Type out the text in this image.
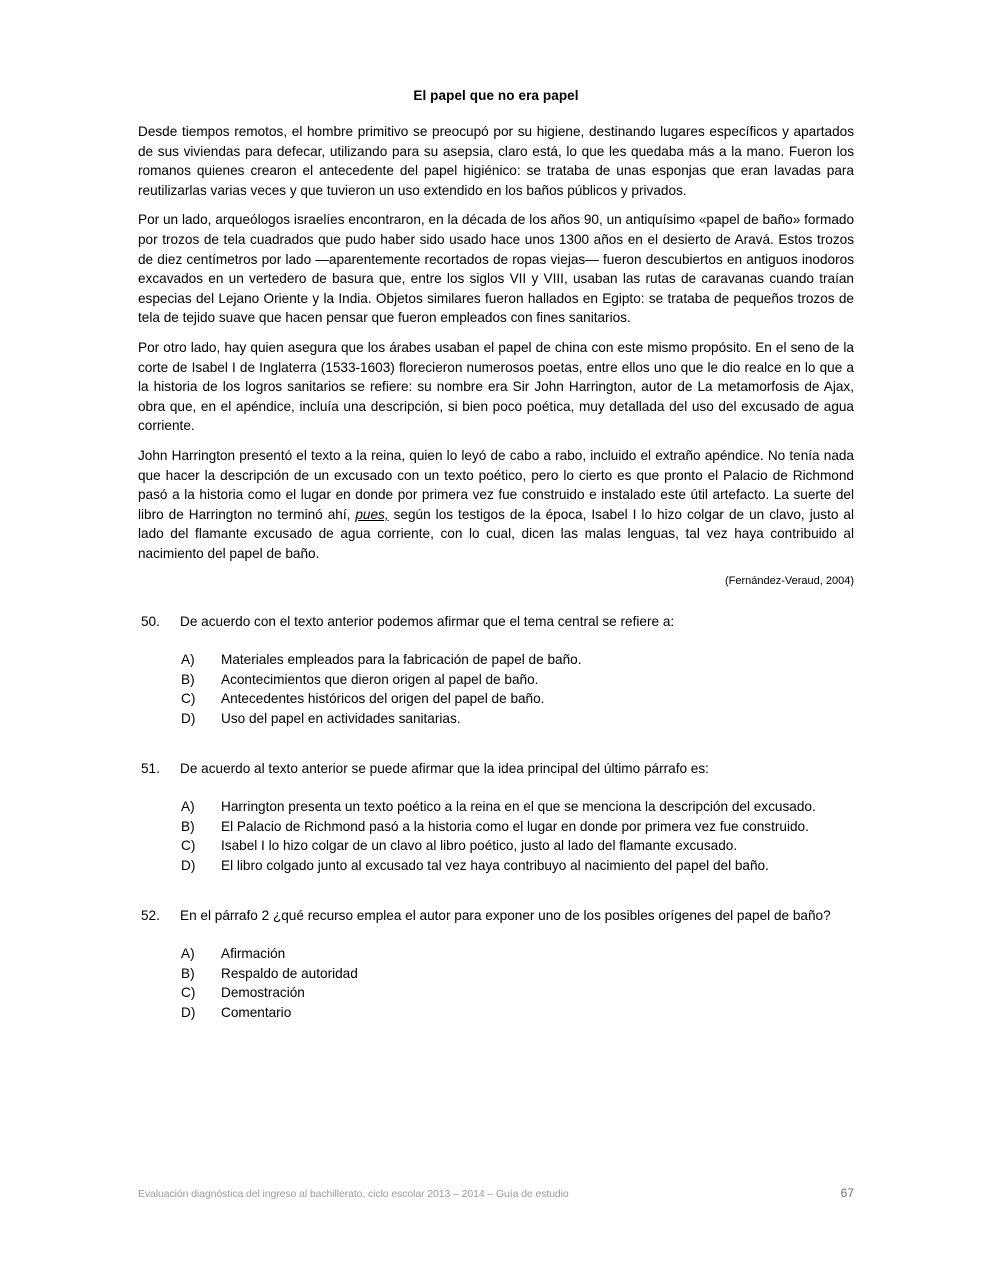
El papel que no era papel

Desde tiempos remotos, el hombre primitivo se preocupó por su higiene, destinando lugares específicos y apartados de sus viviendas para defecar, utilizando para su asepsia, claro está, lo que les quedaba más a la mano. Fueron los romanos quienes crearon el antecedente del papel higiénico: se trataba de unas esponjas que eran lavadas para reutilizarlas varias veces y que tuvieron un uso extendido en los baños públicos y privados.

Por un lado, arqueólogos israelíes encontraron, en la década de los años 90, un antiquísimo «papel de baño» formado por trozos de tela cuadrados que pudo haber sido usado hace unos 1300 años en el desierto de Aravá. Estos trozos de diez centímetros por lado —aparentemente recortados de ropas viejas— fueron descubiertos en antiguos inodoros excavados en un vertedero de basura que, entre los siglos VII y VIII, usaban las rutas de caravanas cuando traían especias del Lejano Oriente y la India. Objetos similares fueron hallados en Egipto: se trataba de pequeños trozos de tela de tejido suave que hacen pensar que fueron empleados con fines sanitarios.

Por otro lado, hay quien asegura que los árabes usaban el papel de china con este mismo propósito. En el seno de la corte de Isabel I de Inglaterra (1533-1603) florecieron numerosos poetas, entre ellos uno que le dio realce en lo que a la historia de los logros sanitarios se refiere: su nombre era Sir John Harrington, autor de La metamorfosis de Ajax, obra que, en el apéndice, incluía una descripción, si bien poco poética, muy detallada del uso del excusado de agua corriente.

John Harrington presentó el texto a la reina, quien lo leyó de cabo a rabo, incluido el extraño apéndice. No tenía nada que hacer la descripción de un excusado con un texto poético, pero lo cierto es que pronto el Palacio de Richmond pasó a la historia como el lugar en donde por primera vez fue construido e instalado este útil artefacto. La suerte del libro de Harrington no terminó ahí, pues, según los testigos de la época, Isabel I lo hizo colgar de un clavo, justo al lado del flamante excusado de agua corriente, con lo cual, dicen las malas lenguas, tal vez haya contribuido al nacimiento del papel de baño.

(Fernández-Veraud, 2004)

50.	De acuerdo con el texto anterior podemos afirmar que el tema central se refiere a:
A)	Materiales empleados para la fabricación de papel de baño.
B)	Acontecimientos que dieron origen al papel de baño.
C)	Antecedentes históricos del origen del papel de baño.
D)	Uso del papel en actividades sanitarias.
51.	De acuerdo al texto anterior se puede afirmar que la idea principal del último párrafo es:
A)	Harrington presenta un texto poético a la reina en el que se menciona la descripción del excusado.
B)	El Palacio de Richmond pasó a la historia como el lugar en donde por primera vez fue construido.
C)	Isabel I lo hizo colgar de un clavo al libro poético, justo al lado del flamante excusado.
D)	El libro colgado junto al excusado tal vez haya contribuyo al nacimiento del papel del baño.
52.	En el párrafo 2 ¿qué recurso emplea el autor para exponer uno de los posibles orígenes del papel de baño?
A)	Afirmación
B)	Respaldo de autoridad
C)	Demostración
D)	Comentario
Evaluación diagnóstica del ingreso al bachillerato, ciclo escolar 2013 – 2014 – Guía de estudio	67
